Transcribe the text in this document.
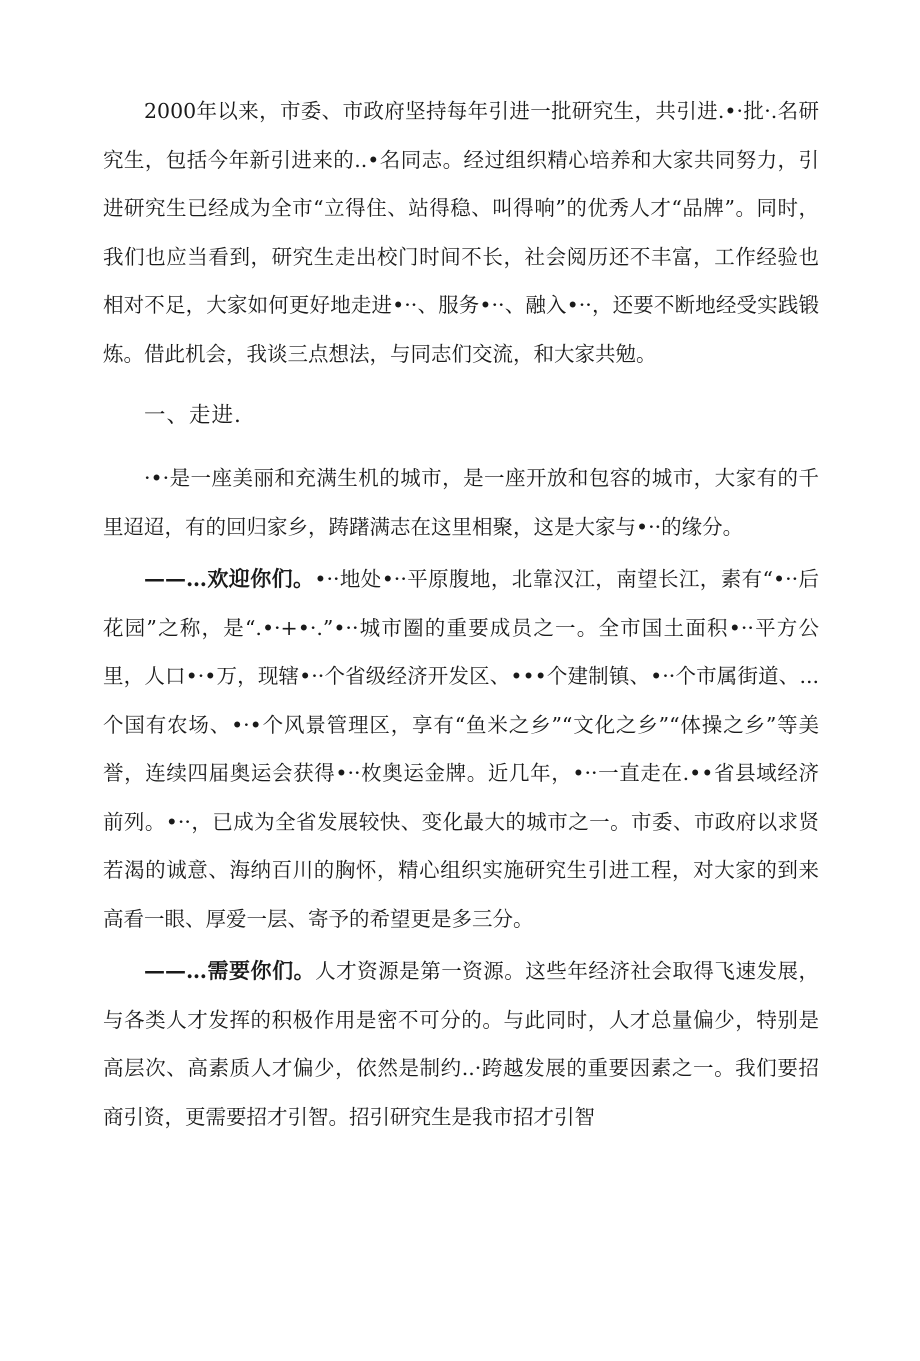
2000年以来，市委、市政府坚持每年引进一批研究生，共引进.•·批·.名研究生，包括今年新引进来的..•名同志。经过组织精心培养和大家共同努力，引进研究生已经成为全市“立得住、站得稳、叫得响”的优秀人才“品牌”。同时，我们也应当看到，研究生走出校门时间不长，社会阅历还不丰富，工作经验也相对不足，大家如何更好地走进•··、服务•··、融入•··，还要不断地经受实践锻炼。借此机会，我谈三点想法，与同志们交流，和大家共勉。

一、走进.

·•·是一座美丽和充满生机的城市，是一座开放和包容的城市，大家有的千里迢迢，有的回归家乡，踌躇满志在这里相聚，这是大家与•··的缘分。

——…欢迎你们。•··地处•··平原腹地，北靠汉江，南望长江，素有“•··后花园”之称，是“.•·+•·.”•··城市圈的重要成员之一。全市国土面积•··平方公里，人口•·•万，现辖•··个省级经济开发区、•••个建制镇、•··个市属街道、...个国有农场、•·•个风景管理区，享有“鱼米之乡”“文化之乡”“体操之乡”等美誉，连续四届奥运会获得•··枚奥运金牌。近几年，•··一直走在.••省县域经济前列。•··，已成为全省发展较快、变化最大的城市之一。市委、市政府以求贤若渴的诚意、海纳百川的胸怀，精心组织实施研究生引进工程，对大家的到来高看一眼、厚爱一层、寄予的希望更是多三分。

——…需要你们。人才资源是第一资源。这些年经济社会取得飞速发展，与各类人才发挥的积极作用是密不可分的。与此同时，人才总量偏少，特别是高层次、高素质人才偏少，依然是制约..·跨越发展的重要因素之一。我们要招商引资，更需要招才引智。招引研究生是我市招才引智
